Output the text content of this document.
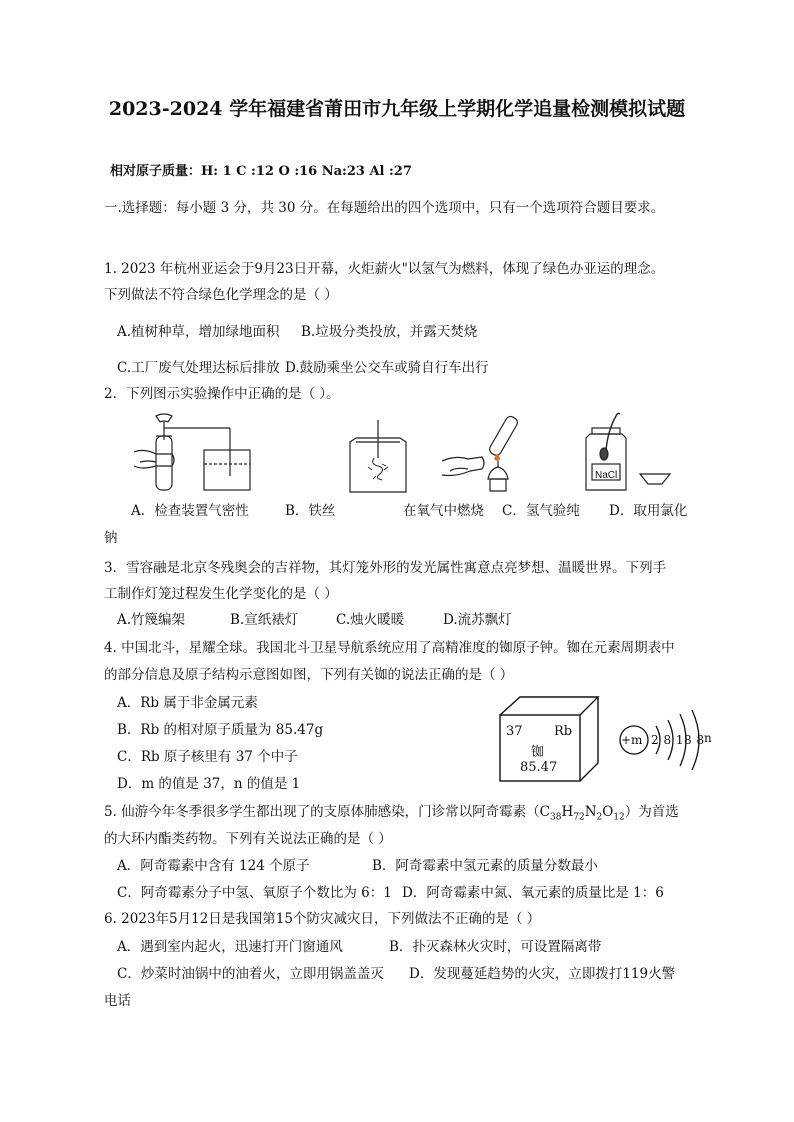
2023-2024 学年福建省莆田市九年级上学期化学追量检测模拟试题
相对原子质量：H: 1 C :12 O :16 Na:23 Al :27
一.选择题：每小题 3 分，共 30 分。在每题给出的四个选项中，只有一个选项符合题目要求。
1. 2023 年杭州亚运会于9月23日开幕，火炬薪火"以氢气为燃料，体现了绿色办亚运的理念。
下列做法不符合绿色化学理念的是（ ）
A.植树种草，增加绿地面积 B.垃圾分类投放，并露天焚烧
C.工厂废气处理达标后排放 D.鼓励乘坐公交车或骑自行车出行
2．下列图示实验操作中正确的是（ ）。
NaCl
A．检查装置气密性	B．铁丝	在氧气中燃烧 C．氢气验纯 D．取用氯化
钠
3．雪容融是北京冬残奥会的吉祥物，其灯笼外形的发光属性寓意点亮梦想、温暖世界。下列手
工制作灯笼过程发生化学变化的是（ ）
A.竹篾编架	B.宣纸裱灯	C.烛火暖暖	D.流苏飘灯
4. 中国北斗，星耀全球。我国北斗卫星导航系统应用了高精准度的铷原子钟。铷在元素周期表中
的部分信息及原子结构示意图如图，下列有关铷的说法正确的是（ ）
A．Rb 属于非金属元素
B．Rb 的相对原子质量为 85.47g
C．Rb 原子核里有 37 个中子
D．m 的值是 37，n 的值是 1
37 Rb
铷
85.47
+m 2 8 18 8 n
5. 仙游今年冬季很多学生都出现了的支原体肺感染，门诊常以阿奇霉素$(C_{38}H_{72}N_2O_{12})$为首选
的大环内酯类药物。下列有关说法正确的是（ ）
A．阿奇霉素中含有 124 个原子	B．阿奇霉素中氢元素的质量分数最小
C．阿奇霉素分子中氢、氧原子个数比为 6：1 D．阿奇霉素中氮、氧元素的质量比是 1：6
6. 2023年5月12日是我国第15个防灾减灾日，下列做法不正确的是（ ）
A．遇到室内起火，迅速打开门窗通风	B．扑灭森林火灾时，可设置隔离带
C．炒菜时油锅中的油着火，立即用锅盖盖灭 D．发现蔓延趋势的火灾，立即拨打119火警
电话
